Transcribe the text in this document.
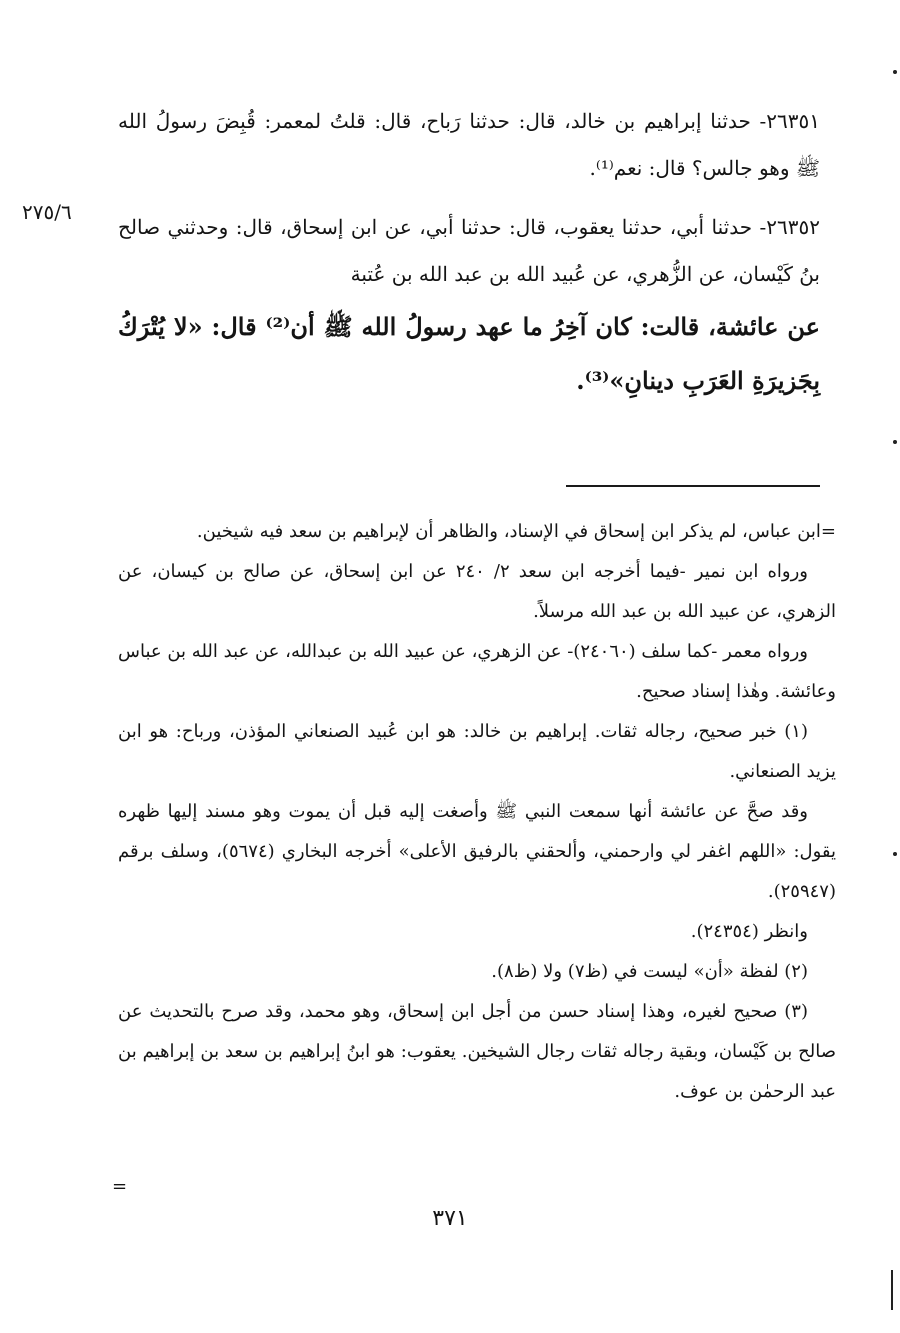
٢٧٥/٦

٢٦٣٥١- حدثنا إبراهيم بن خالد، قال: حدثنا رَباح، قال: قلتُ لمعمر: قُبِضَ رسولُ الله ﷺ وهو جالس؟ قال: نعم⁽¹⁾.

٢٦٣٥٢- حدثنا أبي، حدثنا يعقوب، قال: حدثنا أبي، عن ابن إسحاق، قال: وحدثني صالح بنُ كَيْسان، عن الزُّهري، عن عُبيد الله بن عبد الله بن عُتبة

عن عائشة، قالت: كان آخِرُ ما عهد رسولُ الله ﷺ أن⁽²⁾ قال: «لا يُتْرَكُ بِجَزيرَةِ العَرَبِ دينانِ»⁽³⁾.

=ابن عباس، لم يذكر ابن إسحاق في الإسناد، والظاهر أن لإبراهيم بن سعد فيه شيخين.

ورواه ابن نمير -فيما أخرجه ابن سعد ٢/ ٢٤٠ عن ابن إسحاق، عن صالح بن كيسان، عن الزهري، عن عبيد الله بن عبد الله مرسلاً.

ورواه معمر -كما سلف (٢٤٠٦٠)- عن الزهري، عن عبيد الله بن عبدالله، عن عبد الله بن عباس وعائشة. وهٰذا إسناد صحيح.

(١) خبر صحيح، رجاله ثقات. إبراهيم بن خالد: هو ابن عُبيد الصنعاني المؤذن، ورباح: هو ابن يزيد الصنعاني.

وقد صحَّ عن عائشة أنها سمعت النبي ﷺ وأصغت إليه قبل أن يموت وهو مسند إليها ظهره يقول: «اللهم اغفر لي وارحمني، وألحقني بالرفيق الأعلى» أخرجه البخاري (٥٦٧٤)، وسلف برقم (٢٥٩٤٧).

وانظر (٢٤٣٥٤).

(٢) لفظة «أن» ليست في (ظ٧) ولا (ظ٨).

(٣) صحيح لغيره، وهذا إسناد حسن من أجل ابن إسحاق، وهو محمد، وقد صرح بالتحديث عن صالح بن كَيْسان، وبقية رجاله ثقات رجال الشيخين. يعقوب: هو ابنُ إبراهيم بن سعد بن إبراهيم بن عبد الرحمٰن بن عوف.

=
٣٧١
